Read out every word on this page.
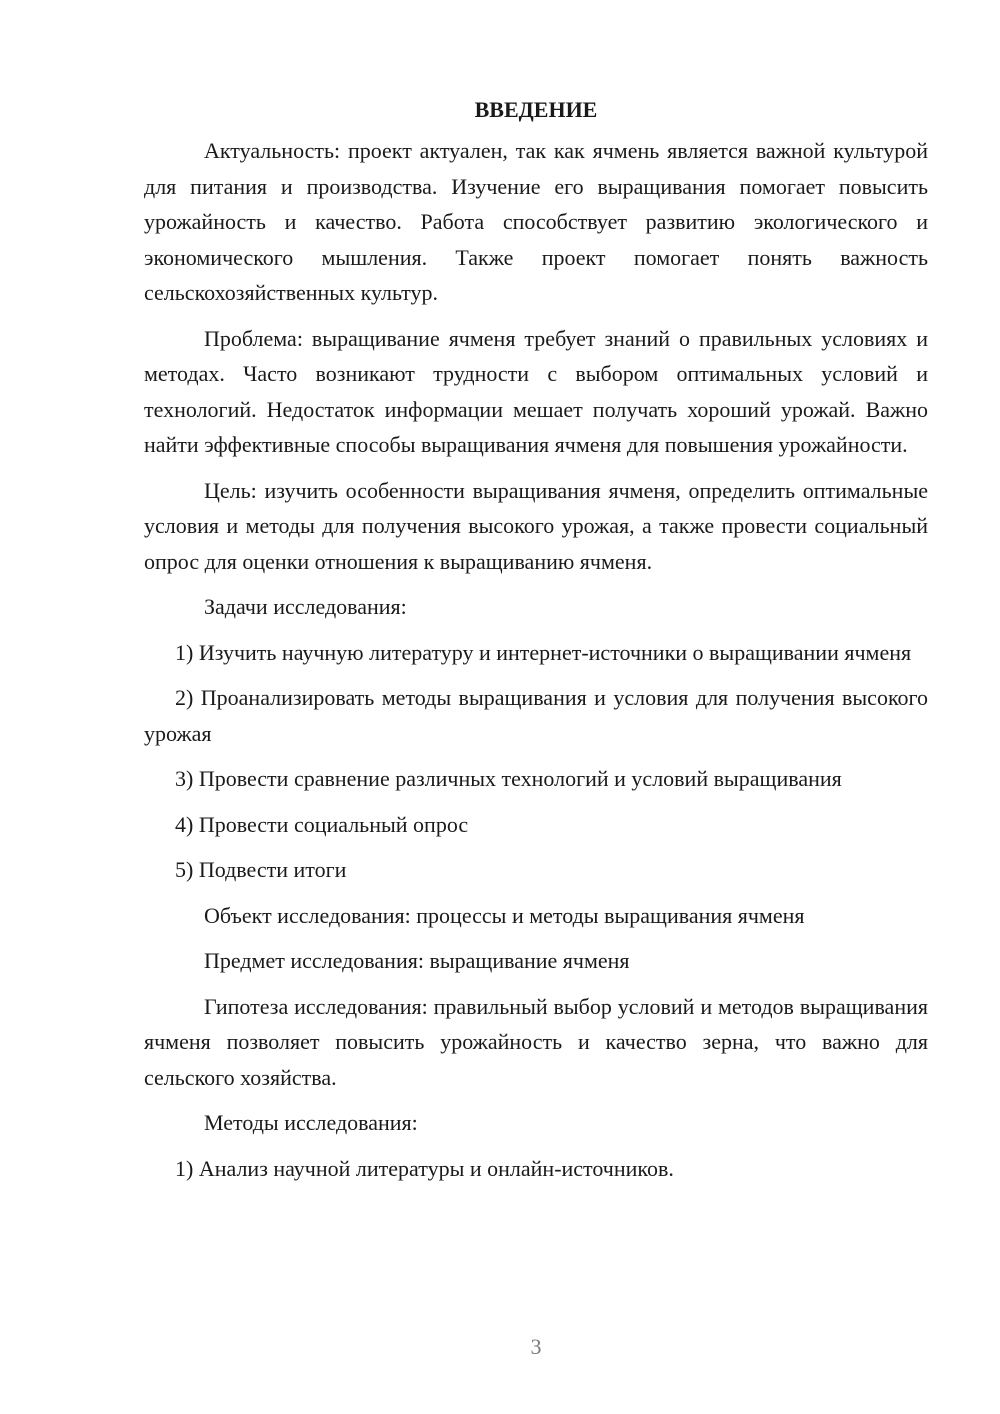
ВВЕДЕНИЕ

Актуальность: проект актуален, так как ячмень является важной культурой для питания и производства. Изучение его выращивания помогает повысить урожайность и качество. Работа способствует развитию экологического и экономического мышления. Также проект помогает понять важность сельскохозяйственных культур.

Проблема: выращивание ячменя требует знаний о правильных условиях и методах. Часто возникают трудности с выбором оптимальных условий и технологий. Недостаток информации мешает получать хороший урожай. Важно найти эффективные способы выращивания ячменя для повышения урожайности.

Цель: изучить особенности выращивания ячменя, определить оптимальные условия и методы для получения высокого урожая, а также провести социальный опрос для оценки отношения к выращиванию ячменя.

Задачи исследования:

1) Изучить научную литературу и интернет-источники о выращивании ячменя

2) Проанализировать методы выращивания и условия для получения высокого урожая

3) Провести сравнение различных технологий и условий выращивания

4) Провести социальный опрос

5) Подвести итоги

Объект исследования: процессы и методы выращивания ячменя

Предмет исследования: выращивание ячменя

Гипотеза исследования: правильный выбор условий и методов выращивания ячменя позволяет повысить урожайность и качество зерна, что важно для сельского хозяйства.

Методы исследования:

1) Анализ научной литературы и онлайн-источников.

3
